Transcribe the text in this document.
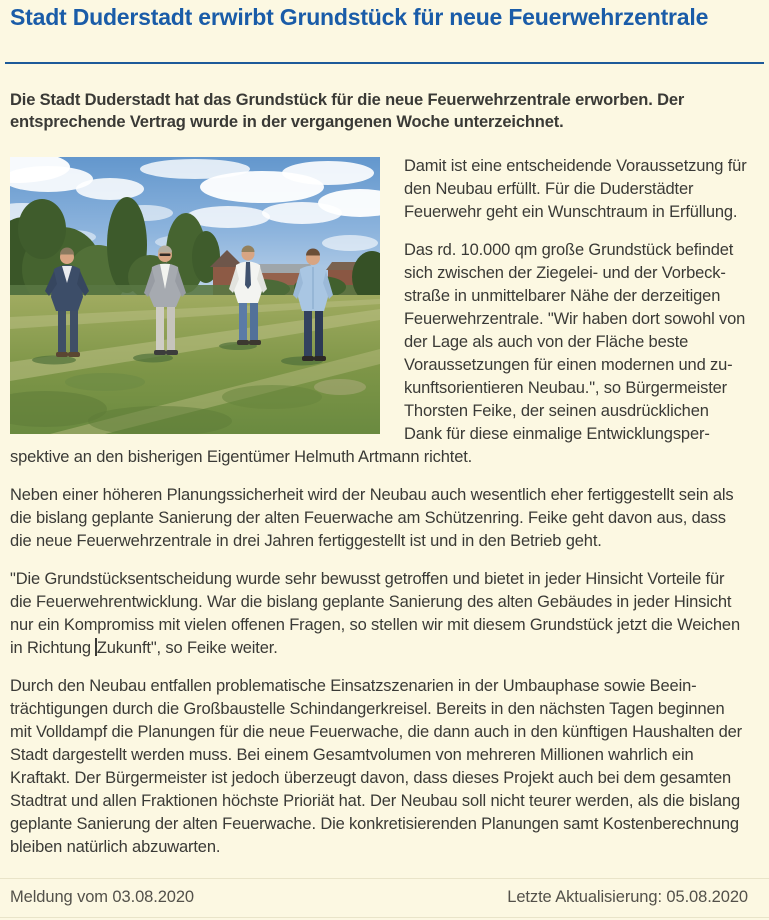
Stadt Duderstadt erwirbt Grundstück für neue Feuerwehrzentrale

Die Stadt Duderstadt hat das Grundstück für die neue Feuerwehrzentrale erworben. Der entsprechende Vertrag wurde in der vergangenen Woche unterzeichnet.

Damit ist eine entscheidende Voraussetzung für den Neubau erfüllt. Für die Duderstädter Feuerwehr geht ein Wunschtraum in Erfüllung.

Das rd. 10.000 qm große Grundstück befindet sich zwischen der Ziegelei- und der Vorbeckstraße in unmittelbarer Nähe der derzeitigen Feuerwehrzentrale. "Wir haben dort sowohl von der Lage als auch von der Fläche beste Voraussetzungen für einen modernen und zukunftsorientieren Neubau.", so Bürgermeister Thorsten Feike, der seinen ausdrücklichen Dank für diese einmalige Entwicklungsperspektive an den bisherigen Eigentümer Helmuth Artmann richtet.

Neben einer höheren Planungssicherheit wird der Neubau auch wesentlich eher fertiggestellt sein als die bislang geplante Sanierung der alten Feuerwache am Schützenring. Feike geht davon aus, dass die neue Feuerwehrzentrale in drei Jahren fertiggestellt ist und in den Betrieb geht.

"Die Grundstücksentscheidung wurde sehr bewusst getroffen und bietet in jeder Hinsicht Vorteile für die Feuerwehrentwicklung. War die bislang geplante Sanierung des alten Gebäudes in jeder Hinsicht nur ein Kompromiss mit vielen offenen Fragen, so stellen wir mit diesem Grundstück jetzt die Weichen in Richtung Zukunft", so Feike weiter.

Durch den Neubau entfallen problematische Einsatzszenarien in der Umbauphase sowie Beeinträchtigungen durch die Großbaustelle Schindangerkreisel. Bereits in den nächsten Tagen beginnen mit Volldampf die Planungen für die neue Feuerwache, die dann auch in den künftigen Haushalten der Stadt dargestellt werden muss. Bei einem Gesamtvolumen von mehreren Millionen wahrlich ein Kraftakt. Der Bürgermeister ist jedoch überzeugt davon, dass dieses Projekt auch bei dem gesamten Stadtrat und allen Fraktionen höchste Prioriät hat. Der Neubau soll nicht teurer werden, als die bislang geplante Sanierung der alten Feuerwache. Die konkretisierenden Planungen samt Kostenberechnung bleiben natürlich abzuwarten.

Meldung vom 03.08.2020	Letzte Aktualisierung: 05.08.2020
